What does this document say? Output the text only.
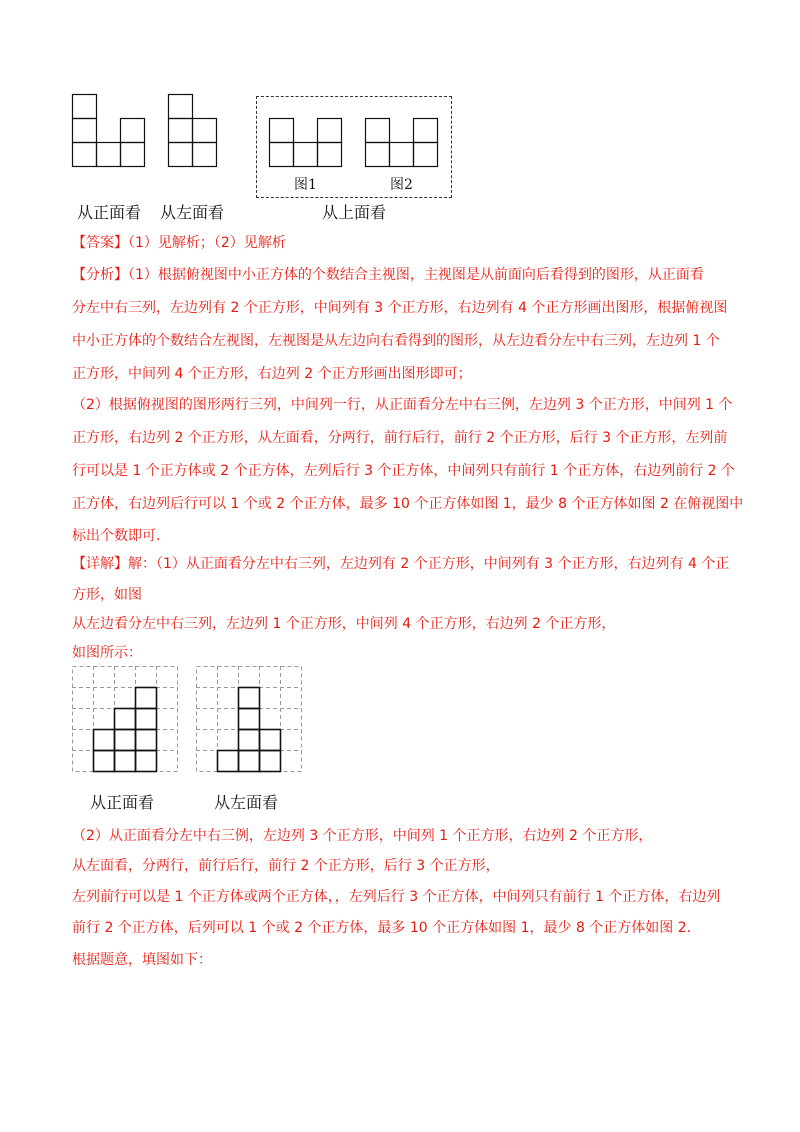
从正面看 从左面看
图1	图2
从上面看
【答案】（1）见解析；（2）见解析
【分析】（1）根据俯视图中小正方体的个数结合主视图，主视图是从前面向后看得到的图形，从正面看
分左中右三列，左边列有 2 个正方形，中间列有 3 个正方形，右边列有 4 个正方形画出图形，根据俯视图
中小正方体的个数结合左视图，左视图是从左边向右看得到的图形，从左边看分左中右三列，左边列 1 个
正方形，中间列 4 个正方形，右边列 2 个正方形画出图形即可；
（2）根据俯视图的图形两行三列，中间列一行，从正面看分左中右三例，左边列 3 个正方形，中间列 1 个
正方形，右边列 2 个正方形，从左面看，分两行，前行后行，前行 2 个正方形，后行 3 个正方形，左列前
行可以是 1 个正方体或 2 个正方体，左列后行 3 个正方体，中间列只有前行 1 个正方体，右边列前行 2 个
正方体，右边列后行可以 1 个或 2 个正方体，最多 10 个正方体如图 1，最少 8 个正方体如图 2 在俯视图中
标出个数即可.
【详解】解：（1）从正面看分左中右三列，左边列有 2 个正方形，中间列有 3 个正方形，右边列有 4 个正
方形，如图
从左边看分左中右三列，左边列 1 个正方形，中间列 4 个正方形，右边列 2 个正方形，
如图所示：
从正面看	从左面看
（2）从正面看分左中右三例，左边列 3 个正方形，中间列 1 个正方形，右边列 2 个正方形，
从左面看，分两行，前行后行，前行 2 个正方形，后行 3 个正方形，
左列前行可以是 1 个正方体或两个正方体，，左列后行 3 个正方体，中间列只有前行 1 个正方体，右边列
前行 2 个正方体，后列可以 1 个或 2 个正方体，最多 10 个正方体如图 1，最少 8 个正方体如图 2.
根据题意，填图如下：
